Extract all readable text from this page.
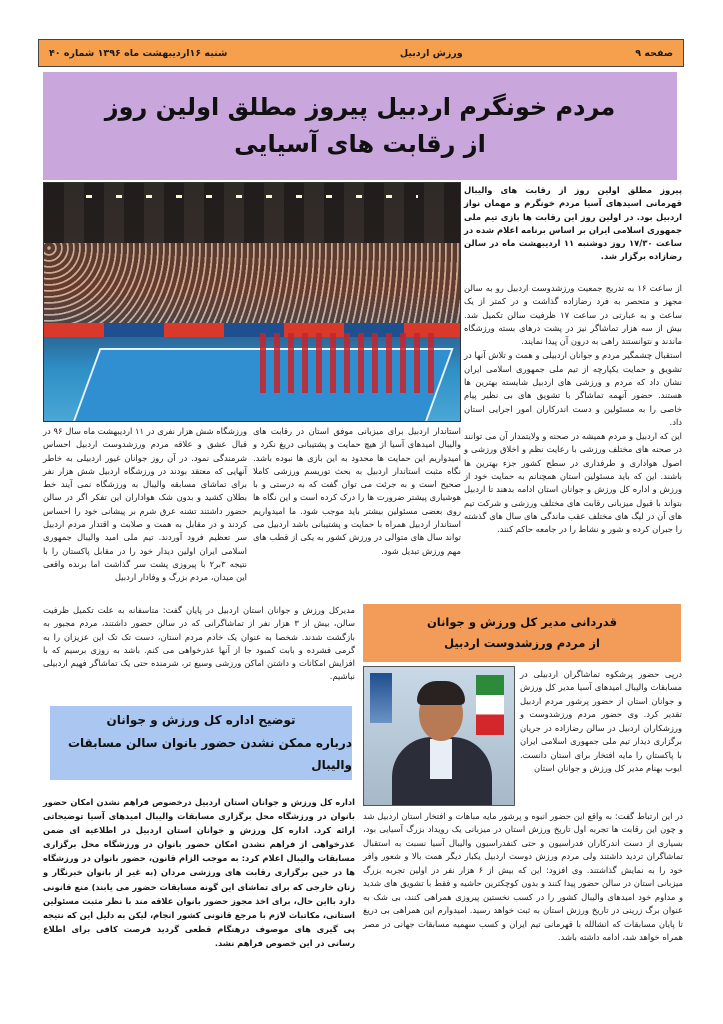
صفحه ۹
ورزش اردبیل
شنبه ۱۶اردیبهشت ماه ۱۳۹۶ شماره ۴۰
مردم خونگرم اردبیل پیروز مطلق اولین روز
از رقابت های آسیایی
پیروز مطلق اولین روز از رقابت های والیبال قهرمانی اسیدهای آسیا مردم خونگرم و مهمان نواز اردبیل بود. در اولین روز این رقابت ها بازی تیم ملی جمهوری اسلامی ایران بر اساس برنامه اعلام شده در ساعت ۱۷/۳۰ روز دوشنبه ۱۱ اردیبهشت ماه در سالن رضازاده برگزار شد.

از ساعت ۱۶ به تدریج جمعیت ورزشدوست اردبیل رو به سالن مجهز و متحصر به فرد رضازاده گذاشت و در کمتر از یک ساعت و به عبارتی در ساعت ۱۷ ظرفیت سالن تکمیل شد. بیش از سه هزار تماشاگر نیز در پشت درهای بسته ورزشگاه ماندند و نتوانستند راهی به درون آن پیدا نمایند.

استقبال چشمگیر مردم و جوانان اردبیلی و همت و تلاش آنها در تشویق و حمایت یکپارچه از تیم ملی جمهوری اسلامی ایران نشان داد که مردم و ورزشی های اردبیل شایسته بهترین ها هستند. حضور آنهمه تماشاگر با تشویق های بی نظیر پیام خاصی را به مسئولین و دست اندرکاران امور اجرایی استان داد.

این که اردبیل و مردم همیشه در صحنه و ولایتمدار آن می توانند در صحنه های مختلف ورزشی با رعایت نظم و اخلاق ورزشی و اصول هواداری و طرفداری در سطح کشور جزء بهترین ها باشند. این که باید مسئولین استان همچنانم به حمایت خود از ورزش و اداره کل ورزش و جوانان استان ادامه بدهند تا اردبیل بتواند با قبول میزبانی رقابت های مختلف ورزشی و شرکت تیم های آن در لیگ های مختلف عقب ماندگی های سال های گذشته را جبران کرده و شور و نشاط را در جامعه حاکم کنند.

استاندار اردبیل برای میزبانی موفق استان در رقابت های والیبال امیدهای آسیا از هیچ حمایت و پشتیبانی دریغ نکرد و امیدواریم این حمایت ها محدود به این بازی ها نبوده باشد. نگاه مثبت استاندار اردبیل به بحث توریسم ورزشی کاملا صحیح است و به جرئت می توان گفت که به درستی و با هوشیاری پیشتر ضرورت ها را درک کرده است و این نگاه ها روی بعضی مسئولین بیشتر باید موجب شود. ما امیدواریم استاندار اردبیل همراه با حمایت و پشتیبانی باشد اردبیل می تواند سال های متوالی در ورزش کشور به یکی از قطب های مهم ورزش تبدیل شود.
ورزشگاه شش هزار نفری در ۱۱ اردیبهشت ماه سال ۹۶ در قبال عشق و علاقه مردم ورزشدوست اردبیل احساس شرمندگی نمود. در آن روز جوانان غیور اردبیلی به خاطر آنهایی که معتقد بودند در ورزشگاه اردبیل شش هزار نفر برای تماشای مسابقه والیبال به ورزشگاه نمی آیند خط بطلان کشید و بدون شک هواداران این تفکر اگر در سالن حضور داشتند تشنه عرق شرم بر پیشانی خود را احساس کردند و در مقابل به همت و صلابت و اقتدار مردم اردبیل سر تعظیم فرود آوردند. تیم ملی امید والیبال جمهوری اسلامی ایران اولین دیدار خود را در مقابل پاکستان را با نتیجه ۳بر۲ با پیروزی پشت سر گذاشت اما برنده واقعی این میدان، مردم بزرگ و وفادار اردبیل
مدیرکل ورزش و جوانان استان اردبیل در پایان گفت: متاسفانه به علت تکمیل ظرفیت سالن، بیش از ۳ هزار نفر از تماشاگرانی که در سالن حضور داشتند، مردم مجبور به بازگشت شدند. شخصا به عنوان یک خادم مردم استان، دست تک تک این عزیزان را به گرمی فشرده و بابت کمبود جا از آنها عذرخواهی می کنم. باشد به روزی برسیم که با افزایش امکانات و داشتن اماکن ورزشی وسیع تر، شرمنده حتی یک تماشاگر فهیم اردبیلی نباشیم.
توضیح اداره کل ورزش و جوانان
درباره ممکن نشدن حضور بانوان سالن مسابقات والیبال
اداره کل ورزش و جوانان استان اردبیل درخصوص فراهم نشدن امکان حضور بانوان در ورزشگاه محل برگزاری مسابقات والیبال امیدهای آسیا توضیحاتی ارائه کرد. اداره کل ورزش و جوانان استان اردبیل در اطلاعیه ای ضمن عذرخواهی از فراهم نشدن امکان حضور بانوان در ورزشگاه محل برگزاری مسابقات والیبال اعلام کرد: به موجب الزام قانون، حضور بانوان در ورزشگاه ها در حین برگزاری رقابت های ورزشی مردان (به غیر از بانوان خبرنگار و زنان خارجی که برای تماشای این گونه مسابقات حضور می یابند) منع قانونی دارد بااین حال، برای اخذ مجوز حضور بانوان علاقه مند با نظر مثبت مسئولین استانی، مکاتبات لازم با مرجع قانونی کشور انجام، لیکن به دلیل این که نتیجه پی گیری های موصوف درهنگام قطعی گردید فرصت کافی برای اطلاع رسانی در این خصوص فراهم نشد.
قدردانی مدیر کل ورزش و جوانان
از مردم ورزشدوست اردبیل
درپی حضور پرشکوه تماشاگران اردبیلی در مسابقات والیبال امیدهای آسیا مدیر کل ورزش و جوانان استان از حضور پرشور مردم اردبیل تقدیر کرد. وی حضور مردم ورزشدوست و ورزشکاران اردبیل در سالن رضازاده در جریان برگزاری دیدار تیم ملی جمهوری اسلامی ایران با پاکستان را مایه افتخار برای استان دانست. ایوب بهنام مدیر کل ورزش و جوانان استان
در این ارتباط گفت: به واقع این حضور انبوه و پرشور مایه مباهات و افتخار استان اردبیل شد و چون این رقابت ها تجربه اول تاریخ ورزش استان در میزبانی یک رویداد بزرگ آسیایی بود، بسیاری از دست اندرکاران فدراسیون و حتی کنفدراسیون والیبال آسیا نسبت به استقبال تماشاگران تردید داشتند ولی مردم ورزش دوست اردبیل یکبار دیگر همت بالا و شعور وافر خود را به نمایش گذاشتند. وی افزود: این که بیش از ۶ هزار نفر در اولین تجربه بزرگ میزبانی استان در سالن حضور پیدا کنند و بدون کوچکترین حاشیه و فقط با تشویق های شدید و مداوم خود امیدهای والیبال کشور را در کسب نخستین پیروزی همراهی کنند، بی شک به عنوان برگ زرینی در تاریخ ورزش استان به ثبت خواهد رسید. امیدوارم این همراهی بی دریغ تا پایان مسابقات که انشالله با قهرمانی تیم ایران و کسب سهمیه مسابقات جهانی در مصر همراه خواهد شد، ادامه داشته باشد.
